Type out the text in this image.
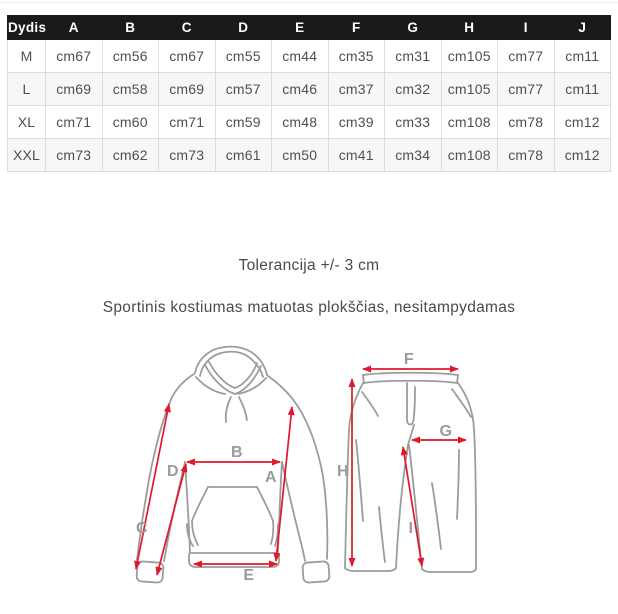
Dydis	A	B	C	D	E	F	G	H	I	J
M	cm67	cm56	cm67	cm55	cm44	cm35	cm31	cm105	cm77	cm11
L	cm69	cm58	cm69	cm57	cm46	cm37	cm32	cm105	cm77	cm11
XL	cm71	cm60	cm71	cm59	cm48	cm39	cm33	cm108	cm78	cm12
XXL	cm73	cm62	cm73	cm61	cm50	cm41	cm34	cm108	cm78	cm12

Tolerancija +/- 3 cm

Sportinis kostiumas matuotas plokščias, nesitampydamas

B
A
D
C
E
F
G
H
I
